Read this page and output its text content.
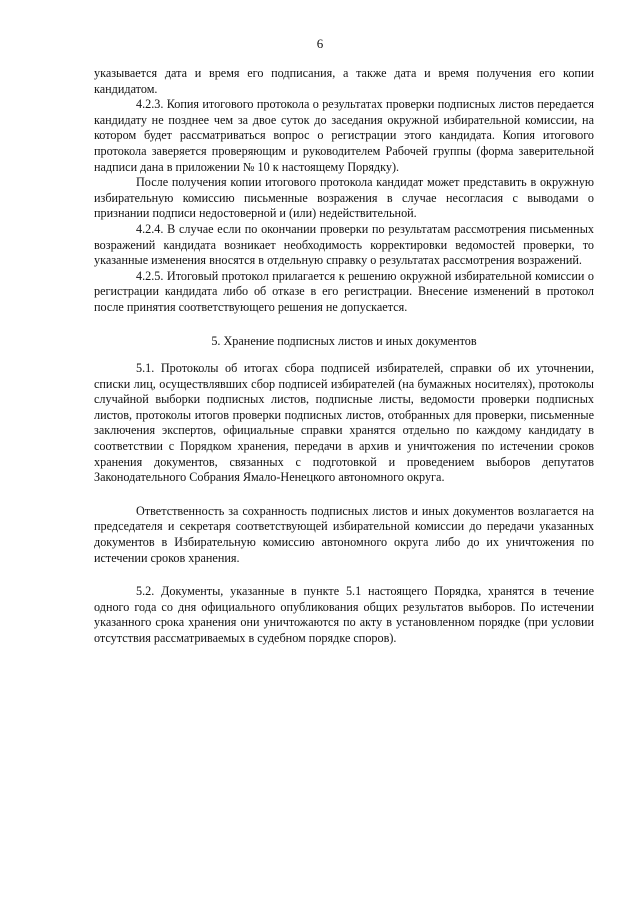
6

указывается дата и время его подписания, а также дата и время получения его копии кандидатом.

4.2.3. Копия итогового протокола о результатах проверки подписных листов передается кандидату не позднее чем за двое суток до заседания окружной избирательной комиссии, на котором будет рассматриваться вопрос о регистрации этого кандидата. Копия итогового протокола заверяется проверяющим и руководителем Рабочей группы (форма заверительной надписи дана в приложении № 10 к настоящему Порядку).

После получения копии итогового протокола кандидат может представить в окружную избирательную комиссию письменные возражения в случае несогласия с выводами о признании подписи недостоверной и (или) недействительной.

4.2.4. В случае если по окончании проверки по результатам рассмотрения письменных возражений кандидата возникает необходимость корректировки ведомостей проверки, то указанные изменения вносятся в отдельную справку о результатах рассмотрения возражений.

4.2.5. Итоговый протокол прилагается к решению окружной избирательной комиссии о регистрации кандидата либо об отказе в его регистрации. Внесение изменений в протокол после принятия соответствующего решения не допускается.

5. Хранение подписных листов и иных документов

5.1. Протоколы об итогах сбора подписей избирателей, справки об их уточнении, списки лиц, осуществлявших сбор подписей избирателей (на бумажных носителях), протоколы случайной выборки подписных листов, подписные листы, ведомости проверки подписных листов, протоколы итогов проверки подписных листов, отобранных для проверки, письменные заключения экспертов, официальные справки хранятся отдельно по каждому кандидату в соответствии с Порядком хранения, передачи в архив и уничтожения по истечении сроков хранения документов, связанных с подготовкой и проведением выборов депутатов Законодательного Собрания Ямало-Ненецкого автономного округа.

Ответственность за сохранность подписных листов и иных документов возлагается на председателя и секретаря соответствующей избирательной комиссии до передачи указанных документов в Избирательную комиссию автономного округа либо до их уничтожения по истечении сроков хранения.

5.2. Документы, указанные в пункте 5.1 настоящего Порядка, хранятся в течение одного года со дня официального опубликования общих результатов выборов. По истечении указанного срока хранения они уничтожаются по акту в установленном порядке (при условии отсутствия рассматриваемых в судебном порядке споров).
